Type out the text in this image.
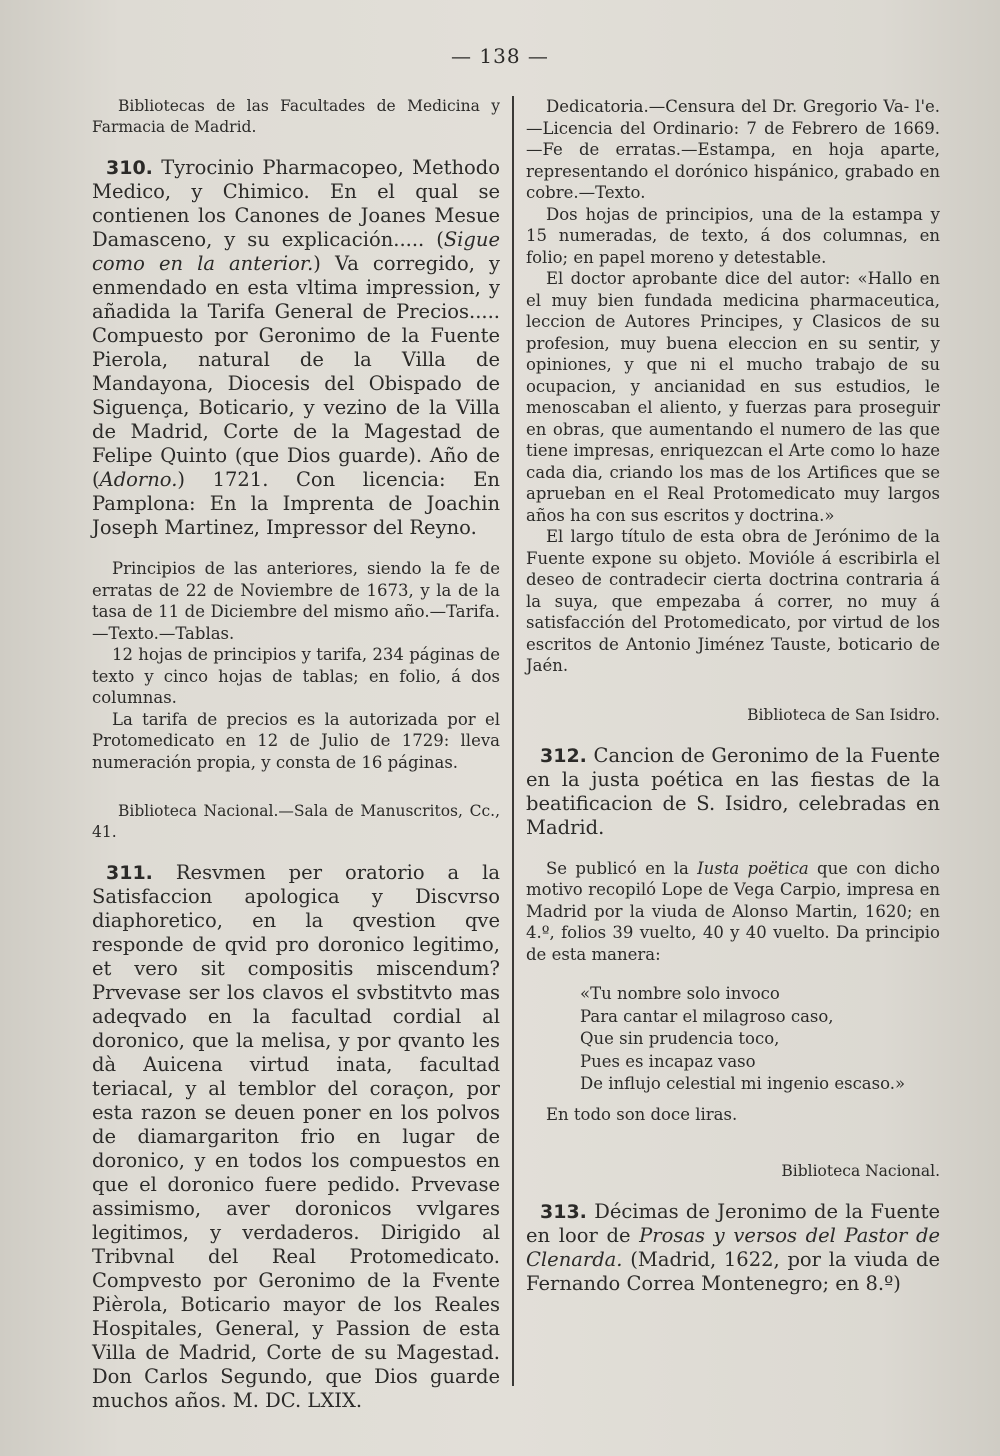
— 138 —

Bibliotecas de las Facultades de Medicina y Farmacia de Madrid.

310. Tyrocinio Pharmacopeo, Methodo Medico, y Chimico. En el qual se contienen los Canones de Joanes Mesue Damasceno, y su explicación..... (Sigue como en la anterior.) Va corregido, y enmendado en esta vltima impression, y añadida la Tarifa General de Precios..... Compuesto por Geronimo de la Fuente Pierola, natural de la Villa de Mandayona, Diocesis del Obispado de Siguença, Boticario, y vezino de la Villa de Madrid, Corte de la Magestad de Felipe Quinto (que Dios guarde). Año de (Adorno.) 1721. Con licencia: En Pamplona: En la Imprenta de Joachin Joseph Martinez, Impressor del Reyno.

Principios de las anteriores, siendo la fe de erratas de 22 de Noviembre de 1673, y la de la tasa de 11 de Diciembre del mismo año.—Tarifa.—Texto.—Tablas.

12 hojas de principios y tarifa, 234 páginas de texto y cinco hojas de tablas; en folio, á dos columnas.

La tarifa de precios es la autorizada por el Protomedicato en 12 de Julio de 1729: lleva numeración propia, y consta de 16 páginas.

Biblioteca Nacional.—Sala de Manuscritos, Cc., 41.

311. Resvmen per oratorio a la Satisfaccion apologica y Discvrso diaphoretico, en la qvestion qve responde de qvid pro doronico legitimo, et vero sit compositis miscendum? Prvevase ser los clavos el svbstitvto mas adeqvado en la facultad cordial al doronico, que la melisa, y por qvanto les dà Auicena virtud inata, facultad teriacal, y al temblor del coraçon, por esta razon se deuen poner en los polvos de diamargariton frio en lugar de doronico, y en todos los compuestos en que el doronico fuere pedido. Prvevase assimismo, aver doronicos vvlgares legitimos, y verdaderos. Dirigido al Tribvnal del Real Protomedicato. Compvesto por Geronimo de la Fvente Pièrola, Boticario mayor de los Reales Hospitales, General, y Passion de esta Villa de Madrid, Corte de su Magestad. Don Carlos Segundo, que Dios guarde muchos años. M. DC. LXIX.

Dedicatoria.—Censura del Dr. Gregorio Va- l'e.—Licencia del Ordinario: 7 de Febrero de 1669.—Fe de erratas.—Estampa, en hoja aparte, representando el dorónico hispánico, grabado en cobre.—Texto.

Dos hojas de principios, una de la estampa y 15 numeradas, de texto, á dos columnas, en folio; en papel moreno y detestable.

El doctor aprobante dice del autor: «Hallo en el muy bien fundada medicina pharmaceutica, leccion de Autores Principes, y Clasicos de su profesion, muy buena eleccion en su sentir, y opiniones, y que ni el mucho trabajo de su ocupacion, y ancianidad en sus estudios, le menoscaban el aliento, y fuerzas para proseguir en obras, que aumentando el numero de las que tiene impresas, enriquezcan el Arte como lo haze cada dia, criando los mas de los Artifices que se aprueban en el Real Protomedicato muy largos años ha con sus escritos y doctrina.»

El largo título de esta obra de Jerónimo de la Fuente expone su objeto. Movióle á escribirla el deseo de contradecir cierta doctrina contraria á la suya, que empezaba á correr, no muy á satisfacción del Protomedicato, por virtud de los escritos de Antonio Jiménez Tauste, boticario de Jaén.

Biblioteca de San Isidro.

312. Cancion de Geronimo de la Fuente en la justa poética en las fiestas de la beatificacion de S. Isidro, celebradas en Madrid.

Se publicó en la Iusta poëtica que con dicho motivo recopiló Lope de Vega Carpio, impresa en Madrid por la viuda de Alonso Martin, 1620; en 4.º, folios 39 vuelto, 40 y 40 vuelto. Da principio de esta manera:

«Tu nombre solo invoco
Para cantar el milagroso caso,
Que sin prudencia toco,
Pues es incapaz vaso
De influjo celestial mi ingenio escaso.»

En todo son doce liras.

Biblioteca Nacional.

313. Décimas de Jeronimo de la Fuente en loor de Prosas y versos del Pastor de Clenarda. (Madrid, 1622, por la viuda de Fernando Correa Montenegro; en 8.º)
